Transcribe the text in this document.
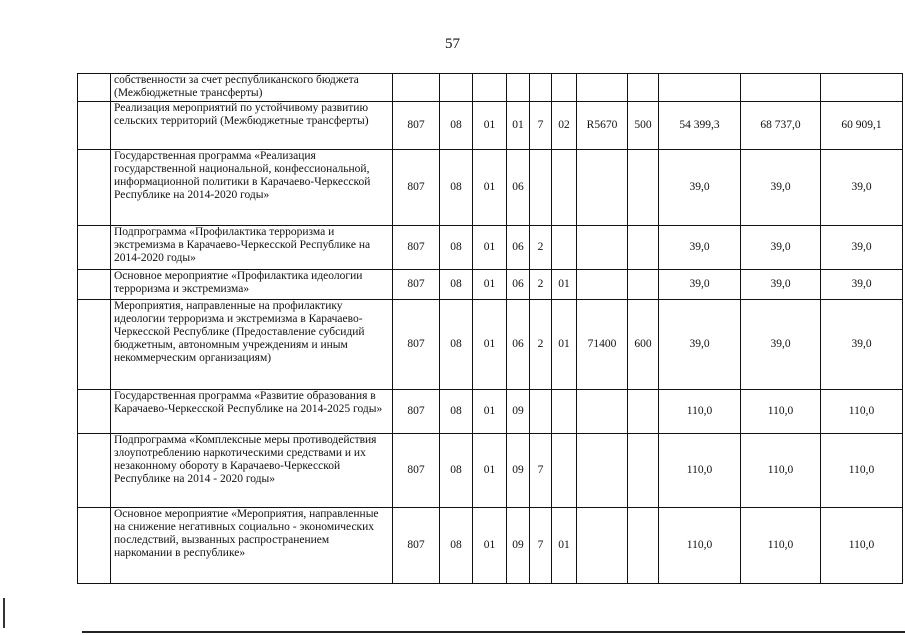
57
	собственности за счет республиканского бюджета (Межбюджетные трансферты)											
	Реализация мероприятий по устойчивому развитию сельских территорий (Межбюджетные трансферты)	807	08	01	01	7	02	R5670	500	54 399,3	68 737,0	60 909,1
	Государственная программа «Реализация государственной национальной, конфессиональной, информационной политики в Карачаево-Черкесской Республике на 2014-2020 годы»	807	08	01	06					39,0	39,0	39,0
	Подпрограмма «Профилактика терроризма и экстремизма в Карачаево-Черкесской Республике на 2014-2020 годы»	807	08	01	06	2				39,0	39,0	39,0
	Основное мероприятие «Профилактика идеологии терроризма и экстремизма»	807	08	01	06	2	01			39,0	39,0	39,0
	Мероприятия, направленные на профилактику идеологии терроризма и экстремизма в Карачаево-Черкесской Республике (Предоставление субсидий бюджетным, автономным учреждениям и иным некоммерческим организациям)	807	08	01	06	2	01	71400	600	39,0	39,0	39,0
	Государственная программа «Развитие образования в Карачаево-Черкесской Республике на 2014-2025 годы»	807	08	01	09					110,0	110,0	110,0
	Подпрограмма «Комплексные меры противодействия злоупотреблению наркотическими средствами и их незаконному обороту в Карачаево-Черкесской Республике на 2014 - 2020 годы»	807	08	01	09	7				110,0	110,0	110,0
	Основное мероприятие «Мероприятия, направленные на снижение негативных социально - экономических последствий, вызванных распространением наркомании в республике»	807	08	01	09	7	01			110,0	110,0	110,0
